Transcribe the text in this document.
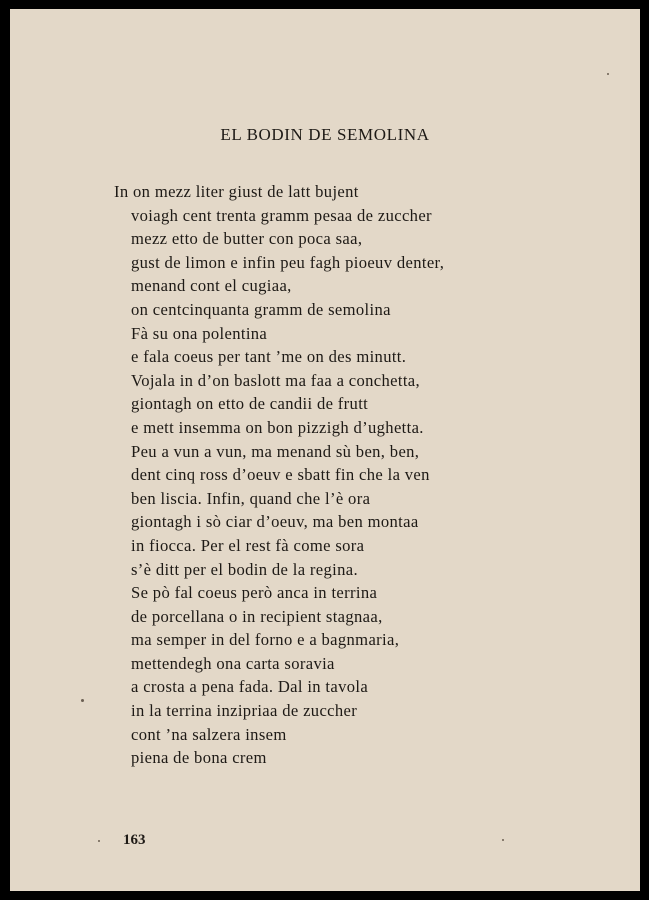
EL BODIN DE SEMOLINA
In on mezz liter giust de latt bujent
voiagh cent trenta gramm pesaa de zuccher
mezz etto de butter con poca saa,
gust de limon e infin peu fagh pioeuv denter,
menand cont el cugiaa,
on centcinquanta gramm de semolina
Fà su ona polentina
e fala coeus per tant ’me on des minutt.
Vojala in d’on baslott ma faa a conchetta,
giontagh on etto de candii de frutt
e mett insemma on bon pizzigh d’ughetta.
Peu a vun a vun, ma menand sù ben, ben,
dent cinq ross d’oeuv e sbatt fin che la ven
ben liscia. Infin, quand che l’è ora
giontagh i sò ciar d’oeuv, ma ben montaa
in fiocca. Per el rest fà come sora
s’è ditt per el bodin de la regina.
Se pò fal coeus però anca in terrina
de porcellana o in recipient stagnaa,
ma semper in del forno e a bagnmaria,
mettendegh ona carta soravia
a crosta a pena fada. Dal in tavola
in la terrina inzipriaa de zuccher
cont ’na salzera insem
piena de bona crem
163
